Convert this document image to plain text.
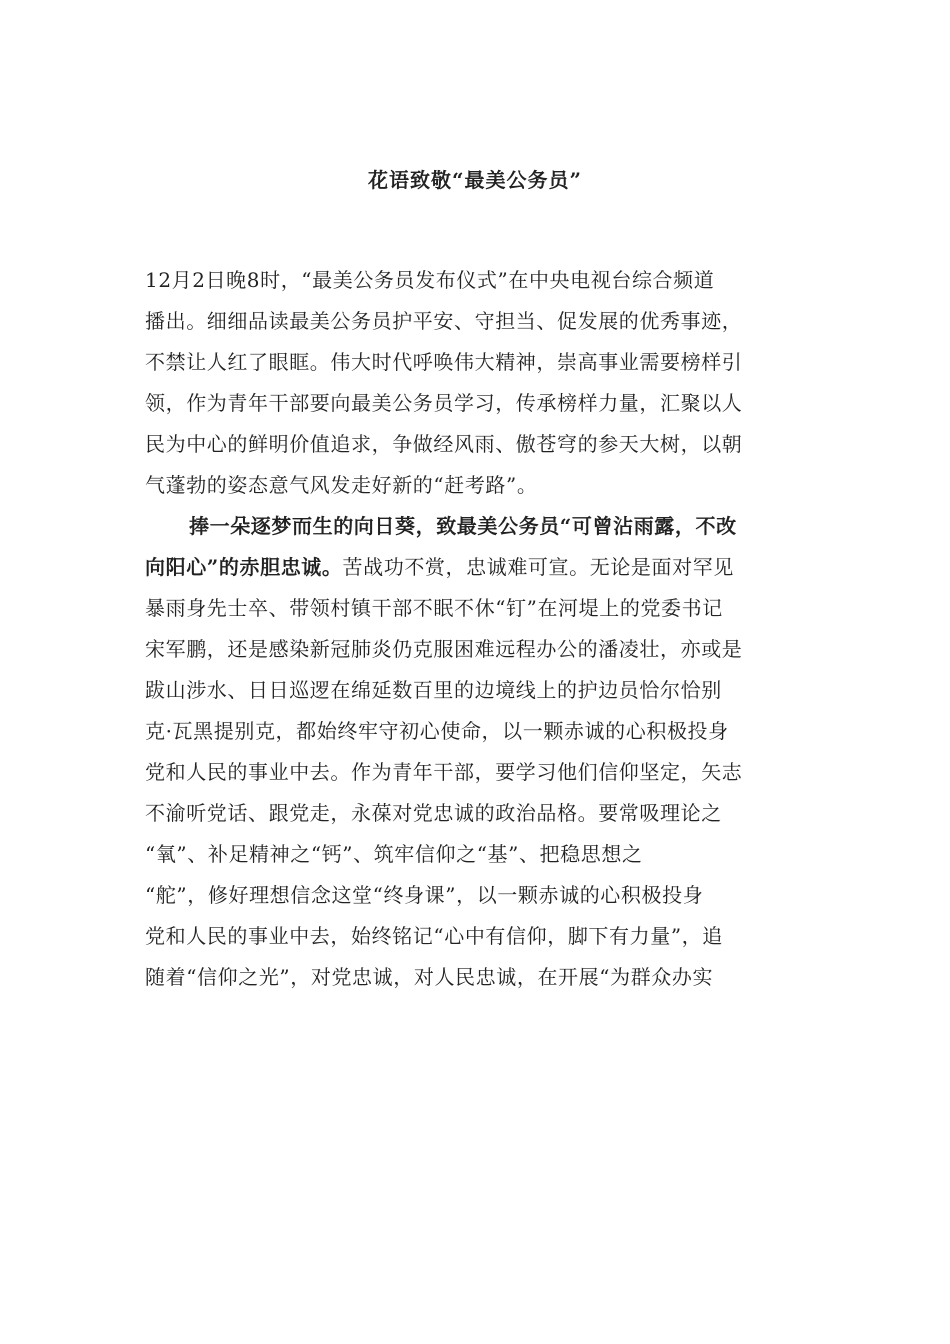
花语致敬“最美公务员”
12月2日晚8时，“最美公务员发布仪式”在中央电视台综合频道
播出。细细品读最美公务员护平安、守担当、促发展的优秀事迹，
不禁让人红了眼眶。伟大时代呼唤伟大精神，崇高事业需要榜样引
领，作为青年干部要向最美公务员学习，传承榜样力量，汇聚以人
民为中心的鲜明价值追求，争做经风雨、傲苍穹的参天大树，以朝
气蓬勃的姿态意气风发走好新的“赶考路”。
捧一朵逐梦而生的向日葵，致最美公务员“可曾沾雨露，不改
向阳心”的赤胆忠诚。苦战功不赏，忠诚难可宣。无论是面对罕见
暴雨身先士卒、带领村镇干部不眠不休“钉”在河堤上的党委书记
宋军鹏，还是感染新冠肺炎仍克服困难远程办公的潘凌壮，亦或是
跋山涉水、日日巡逻在绵延数百里的边境线上的护边员恰尔恰别
克·瓦黑提别克，都始终牢守初心使命，以一颗赤诚的心积极投身
党和人民的事业中去。作为青年干部，要学习他们信仰坚定，矢志
不渝听党话、跟党走，永葆对党忠诚的政治品格。要常吸理论之
“氧”、补足精神之“钙”、筑牢信仰之“基”、把稳思想之
“舵”，修好理想信念这堂“终身课”，以一颗赤诚的心积极投身
党和人民的事业中去，始终铭记“心中有信仰，脚下有力量”，追
随着“信仰之光”，对党忠诚，对人民忠诚，在开展“为群众办实
